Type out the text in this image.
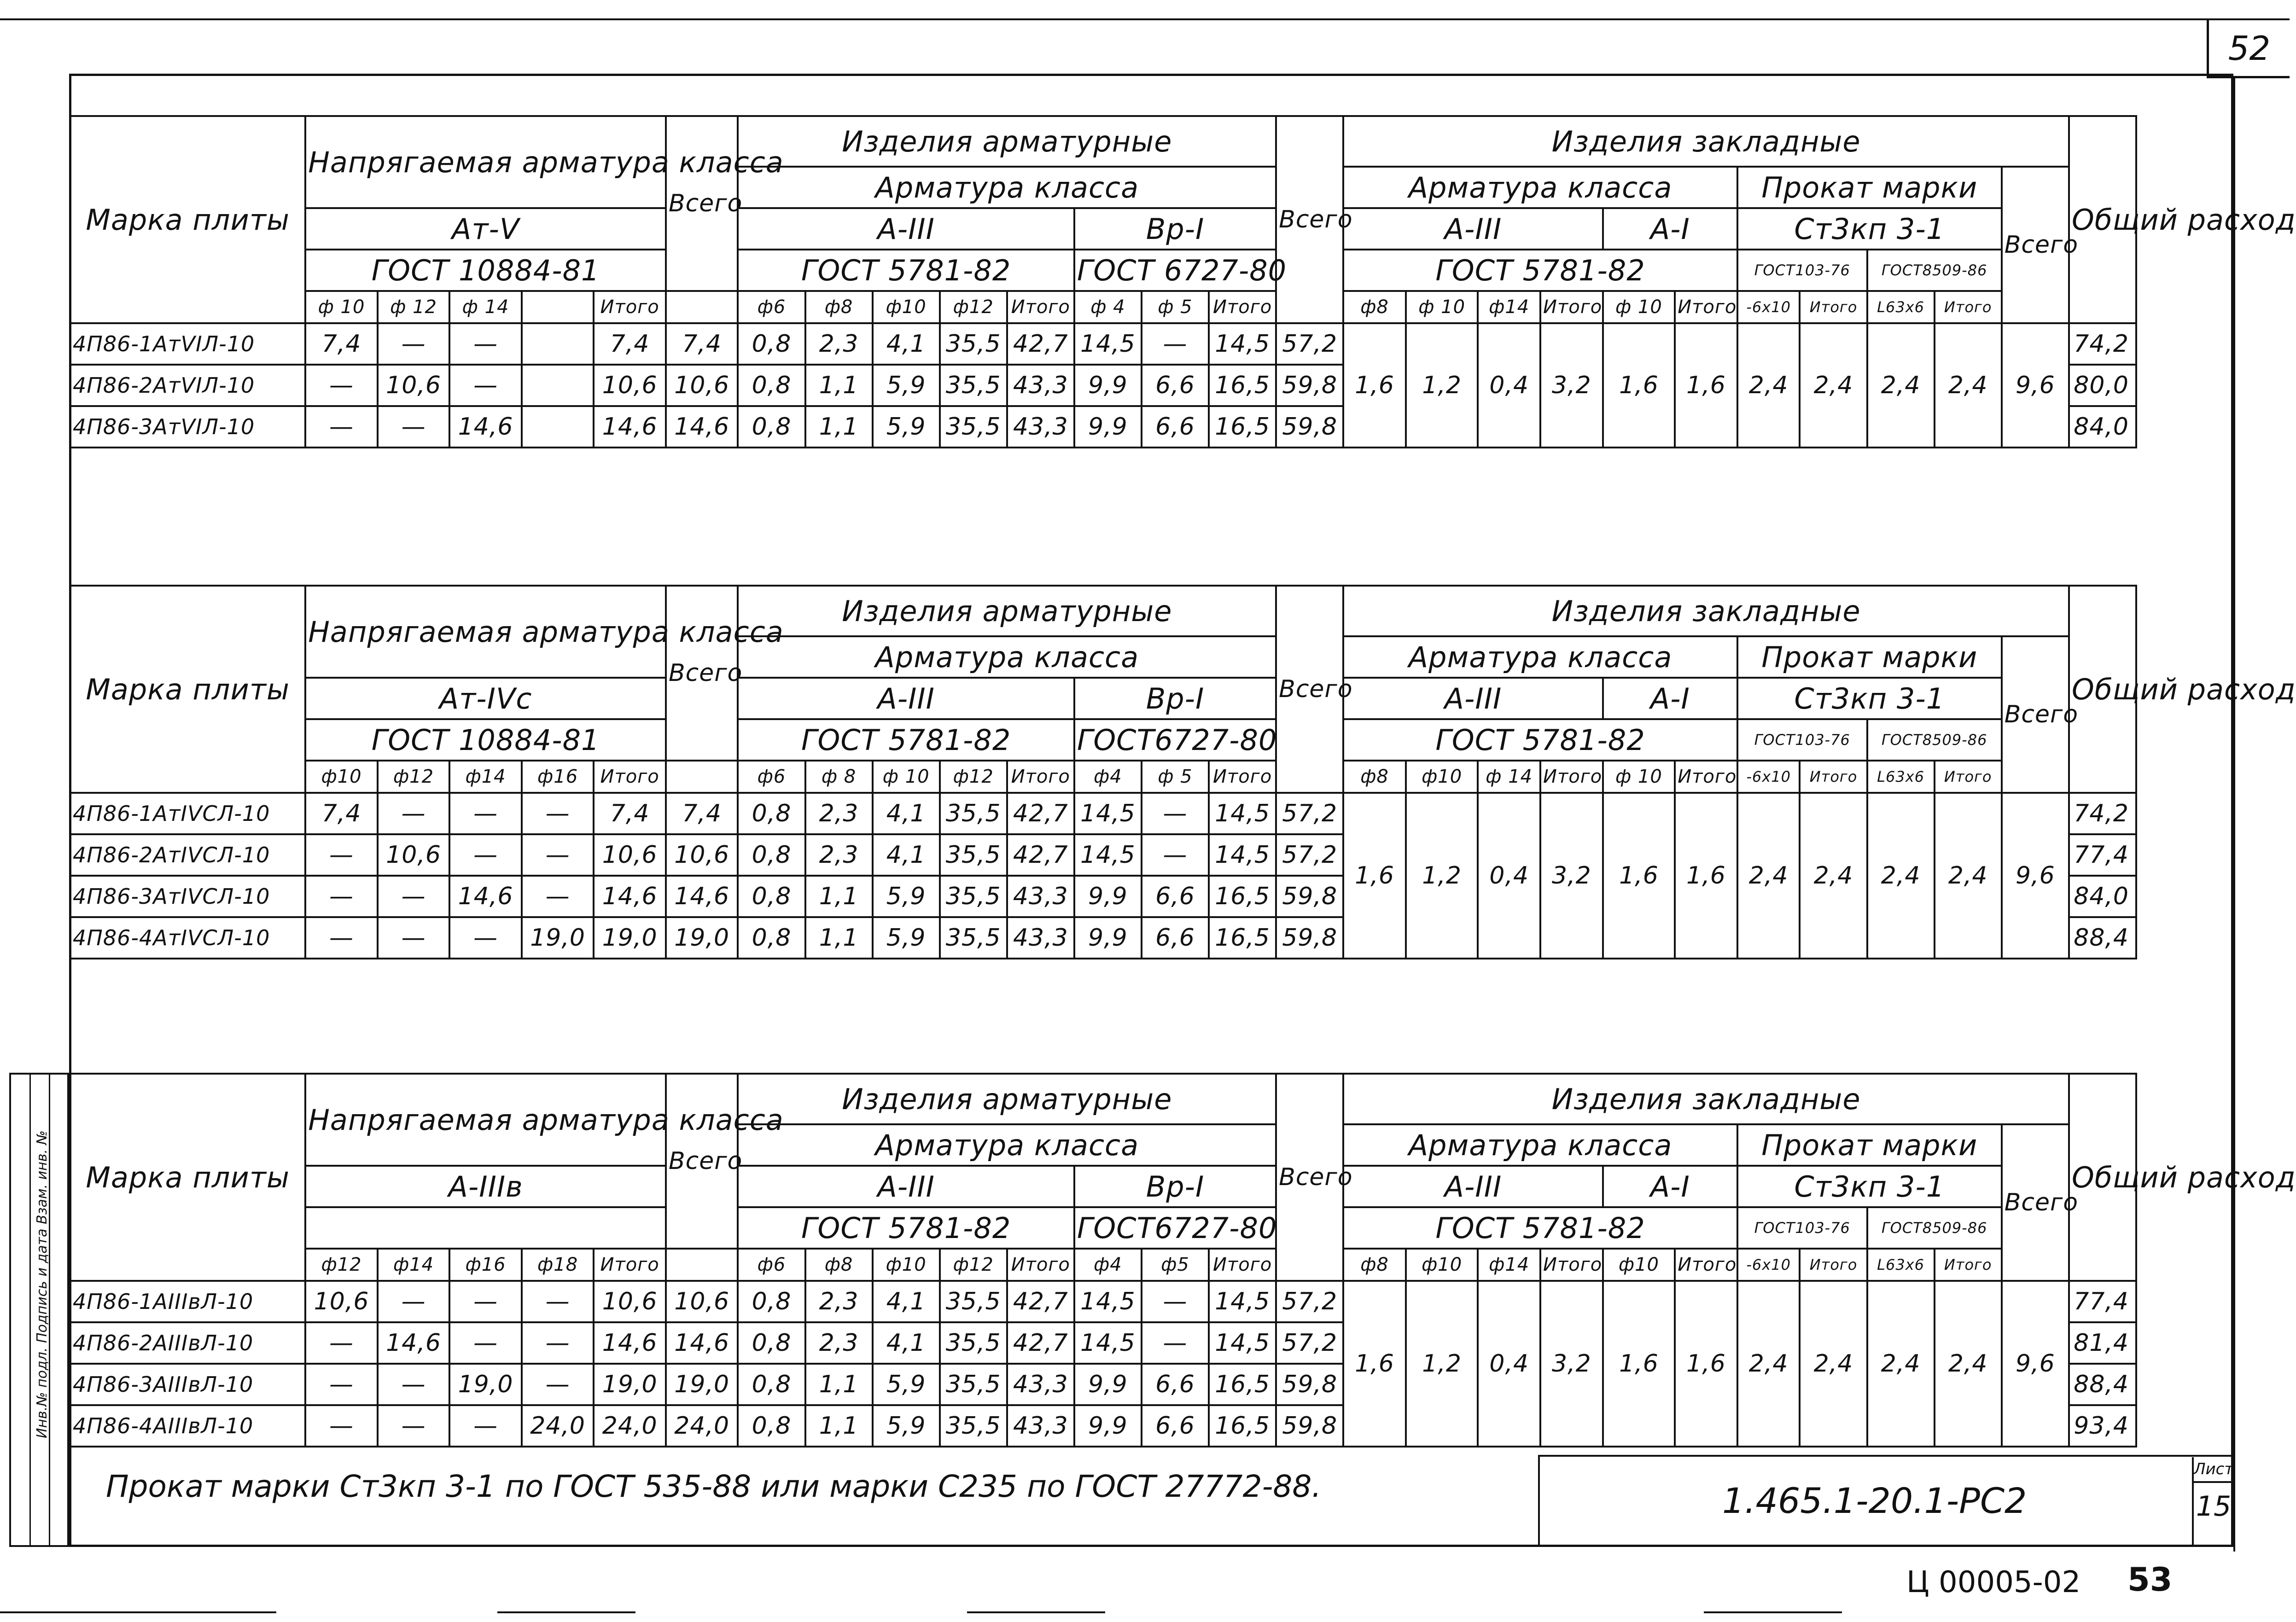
52
Марка плиты	Напрягаемая арматура класса					Всего	Изделия арматурные								Всего	Изделия закладные											Общий расход
							Арматура класса									Арматура класса						Прокат марки				Всего	
	Ат-V						А-III					Вр-I				А-III				А-I		Ст3кп 3-1					
	ГОСТ 10884-81						ГОСТ 5781-82					ГОСТ 6727-80				ГОСТ 5781-82						ГОСТ103-76		ГОСТ8509-86			
	ф 10	ф 12	ф 14		Итого		ф6	ф8	ф10	ф12	Итого	ф 4	ф 5	Итого		ф8	ф 10	ф14	Итого	ф 10	Итого	-6x10	Итого	L63x6	Итого		
4П86-1АтVIЛ-10	7,4	—	—		7,4	7,4	0,8	2,3	4,1	35,5	42,7	14,5	—	14,5	57,2	1,6	1,2	0,4	3,2	1,6	1,6	2,4	2,4	2,4	2,4	9,6	74,2
4П86-2АтVIЛ-10	—	10,6	—		10,6	10,6	0,8	1,1	5,9	35,5	43,3	9,9	6,6	16,5	59,8												80,0
4П86-3АтVIЛ-10	—	—	14,6		14,6	14,6	0,8	1,1	5,9	35,5	43,3	9,9	6,6	16,5	59,8												84,0
Марка плиты	Напрягаемая арматура класса					Всего	Изделия арматурные								Всего	Изделия закладные											Общий расход
							Арматура класса									Арматура класса						Прокат марки				Всего	
	Ат-IVс						А-III					Вр-I				А-III				А-I		Ст3кп 3-1					
	ГОСТ 10884-81						ГОСТ 5781-82					ГОСТ6727-80				ГОСТ 5781-82						ГОСТ103-76		ГОСТ8509-86			
	ф10	ф12	ф14	ф16	Итого		ф6	ф 8	ф 10	ф12	Итого	ф4	ф 5	Итого		ф8	ф10	ф 14	Итого	ф 10	Итого	-6x10	Итого	L63x6	Итого		
4П86-1АтIVСЛ-10	7,4	—	—	—	7,4	7,4	0,8	2,3	4,1	35,5	42,7	14,5	—	14,5	57,2	1,6	1,2	0,4	3,2	1,6	1,6	2,4	2,4	2,4	2,4	9,6	74,2
4П86-2АтIVСЛ-10	—	10,6	—	—	10,6	10,6	0,8	2,3	4,1	35,5	42,7	14,5	—	14,5	57,2												77,4
4П86-3АтIVСЛ-10	—	—	14,6	—	14,6	14,6	0,8	1,1	5,9	35,5	43,3	9,9	6,6	16,5	59,8												84,0
4П86-4АтIVСЛ-10	—	—	—	19,0	19,0	19,0	0,8	1,1	5,9	35,5	43,3	9,9	6,6	16,5	59,8												88,4
Марка плиты	Напрягаемая арматура класса					Всего	Изделия арматурные								Всего	Изделия закладные											Общий расход
							Арматура класса									Арматура класса						Прокат марки				Всего	
	А-IIIв						А-III					Вр-I				А-III				А-I		Ст3кп 3-1					
							ГОСТ 5781-82					ГОСТ6727-80				ГОСТ 5781-82						ГОСТ103-76		ГОСТ8509-86			
	ф12	ф14	ф16	ф18	Итого		ф6	ф8	ф10	ф12	Итого	ф4	ф5	Итого		ф8	ф10	ф14	Итого	ф10	Итого	-6x10	Итого	L63x6	Итого		
4П86-1АIIIвЛ-10	10,6	—	—	—	10,6	10,6	0,8	2,3	4,1	35,5	42,7	14,5	—	14,5	57,2	1,6	1,2	0,4	3,2	1,6	1,6	2,4	2,4	2,4	2,4	9,6	77,4
4П86-2АIIIвЛ-10	—	14,6	—	—	14,6	14,6	0,8	2,3	4,1	35,5	42,7	14,5	—	14,5	57,2												81,4
4П86-3АIIIвЛ-10	—	—	19,0	—	19,0	19,0	0,8	1,1	5,9	35,5	43,3	9,9	6,6	16,5	59,8												88,4
4П86-4АIIIвЛ-10	—	—	—	24,0	24,0	24,0	0,8	1,1	5,9	35,5	43,3	9,9	6,6	16,5	59,8												93,4
Прокат марки Ст3кп 3-1 по ГОСТ 535-88 или марки С235 по ГОСТ 27772-88.	1.465.1-20.1-РС2
Лист
15
Инв.№ подл. Подпись и дата Взам. инв. №
Ц 00005-02 53
